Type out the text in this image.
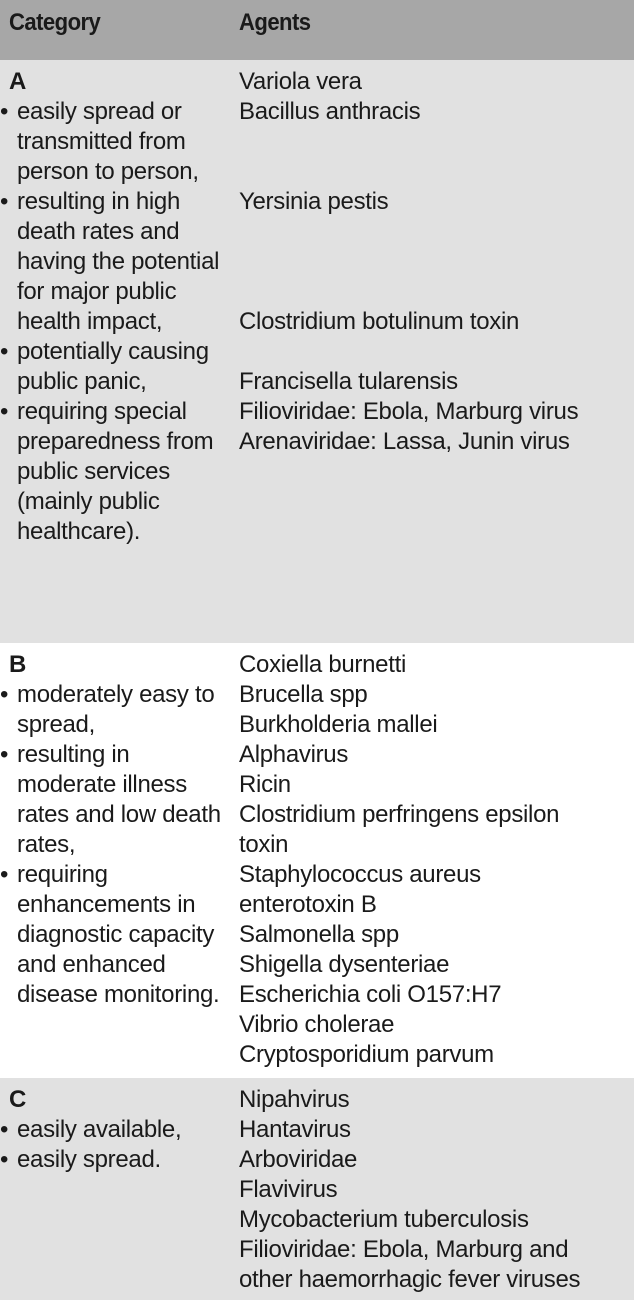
Category	Agents
A
• easily spread or transmitted from person to person,
• resulting in high death rates and having the potential for major public health impact,
• potentially causing public panic,
• requiring special preparedness from public services (mainly public healthcare).
Variola vera
Bacillus anthracis
Yersinia pestis
Clostridium botulinum toxin
Francisella tularensis
Filioviridae: Ebola, Marburg virus
Arenaviridae: Lassa, Junin virus
B
• moderately easy to spread,
• resulting in moderate illness rates and low death rates,
• requiring enhancements in diagnostic capacity and enhanced disease monitoring.
Coxiella burnetti
Brucella spp
Burkholderia mallei
Alphavirus
Ricin
Clostridium perfringens epsilon
toxin
Staphylococcus aureus
enterotoxin B
Salmonella spp
Shigella dysenteriae
Escherichia coli O157:H7
Vibrio cholerae
Cryptosporidium parvum
C
• easily available,
• easily spread.
Nipahvirus
Hantavirus
Arboviridae
Flavivirus
Mycobacterium tuberculosis
Filioviridae: Ebola, Marburg and
other haemorrhagic fever viruses
